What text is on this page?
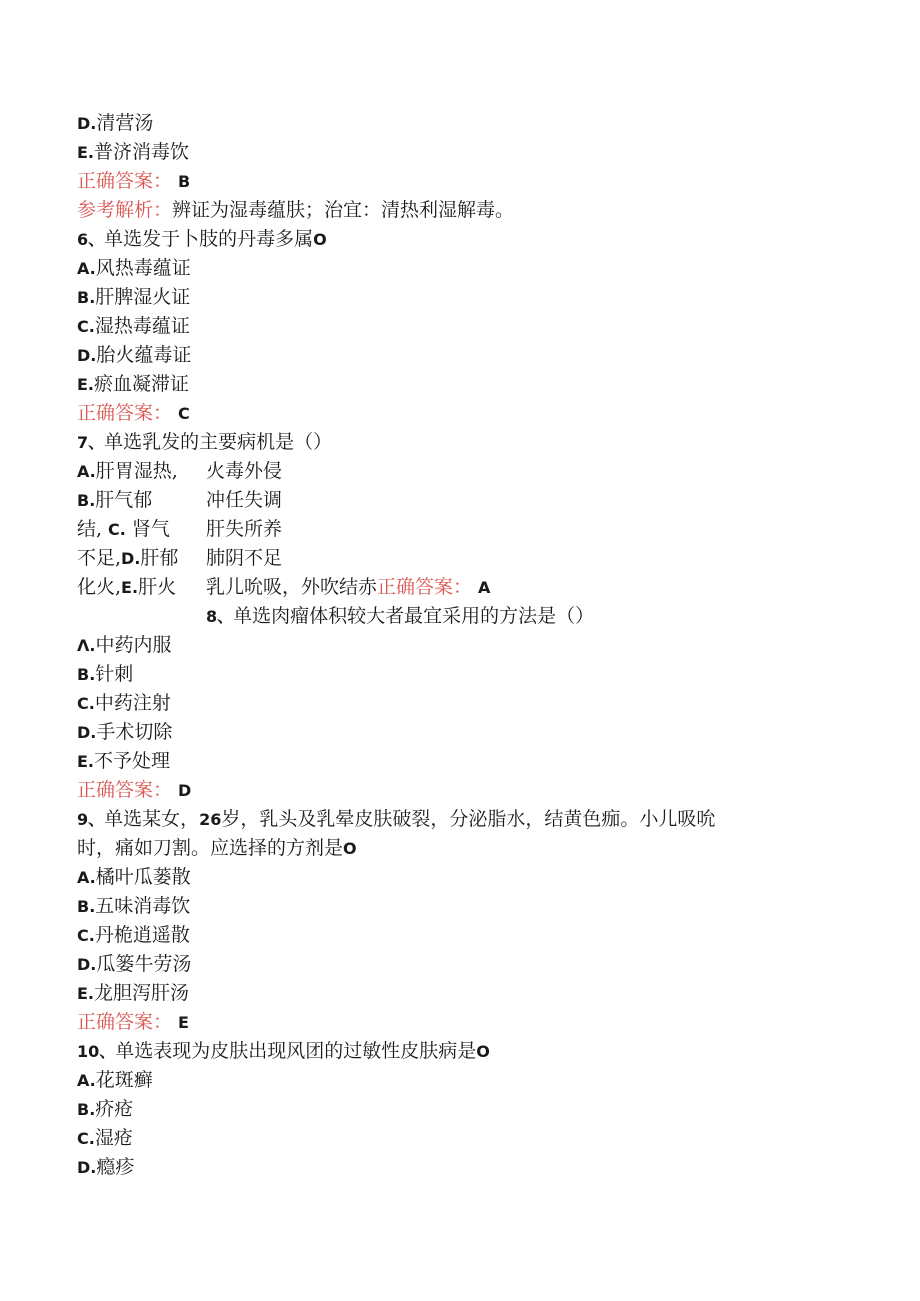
D.清营汤
E.普济消毒饮
正确答案： B
参考解析：辨证为湿毒蕴肤；治宜：清热利湿解毒。
6、单选发于卜肢的丹毒多属O
A.风热毒蕴证
B.肝脾湿火证
C.湿热毒蕴证
D.胎火蕴毒证
E.瘀血凝滞证
正确答案： C
7、单选乳发的主要病机是（）
A.肝胃湿热,
B.肝气郁
结, C. 肾气
不足,D.肝郁
化火,E.肝火
火毒外侵
冲任失调
肝失所养
肺阴不足
乳儿吮吸，外吹结赤正确答案： A
8、单选肉瘤体积较大者最宜采用的方法是（）
Λ.中药内服
B.针刺
C.中药注射
D.手术切除
E.不予处理
正确答案： D
9、单选某女，26岁，乳头及乳晕皮肤破裂，分泌脂水，结黄色痂。小儿吸吮
时，痛如刀割。应选择的方剂是O
A.橘叶瓜蒌散
B.五味消毒饮
C.丹桅逍遥散
D.瓜篓牛劳汤
E.龙胆泻肝汤
正确答案： E
10、单选表现为皮肤出现风团的过敏性皮肤病是O
A.花斑癣
B.疥疮
C.湿疮
D.瘾疹
